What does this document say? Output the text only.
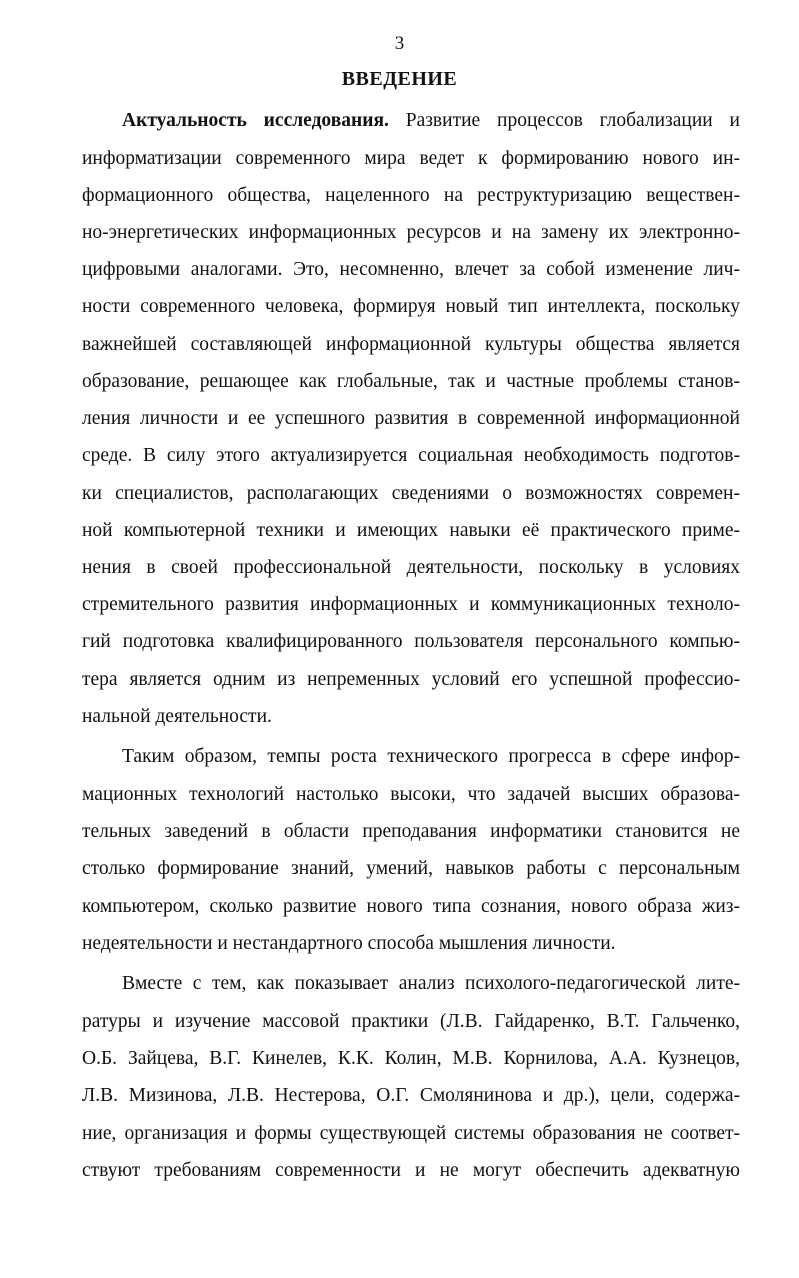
3
ВВЕДЕНИЕ
Актуальность исследования. Развитие процессов глобализации и
информатизации современного мира ведет к формированию нового ин-
формационного общества, нацеленного на реструктуризацию веществен-
но-энергетических информационных ресурсов и на замену их электронно-
цифровыми аналогами. Это, несомненно, влечет за собой изменение лич-
ности современного человека, формируя новый тип интеллекта, поскольку
важнейшей составляющей информационной культуры общества является
образование, решающее как глобальные, так и частные проблемы станов-
ления личности и ее успешного развития в современной информационной
среде. В силу этого актуализируется социальная необходимость подготов-
ки специалистов, располагающих сведениями о возможностях современ-
ной компьютерной техники и имеющих навыки её практического приме-
нения в своей профессиональной деятельности, поскольку в условиях
стремительного развития информационных и коммуникационных техноло-
гий подготовка квалифицированного пользователя персонального компью-
тера является одним из непременных условий его успешной профессио-
нальной деятельности.
Таким образом, темпы роста технического прогресса в сфере инфор-
мационных технологий настолько высоки, что задачей высших образова-
тельных заведений в области преподавания информатики становится не
столько формирование знаний, умений, навыков работы с персональным
компьютером, сколько развитие нового типа сознания, нового образа жиз-
недеятельности и нестандартного способа мышления личности.
Вместе с тем, как показывает анализ психолого-педагогической лите-
ратуры и изучение массовой практики (Л.В. Гайдаренко, В.Т. Гальченко,
О.Б. Зайцева, В.Г. Кинелев, К.К. Колин, М.В. Корнилова, А.А. Кузнецов,
Л.В. Мизинова, Л.В. Нестерова, О.Г. Смолянинова и др.), цели, содержа-
ние, организация и формы существующей системы образования не соответ-
ствуют требованиям современности и не могут обеспечить адекватную
